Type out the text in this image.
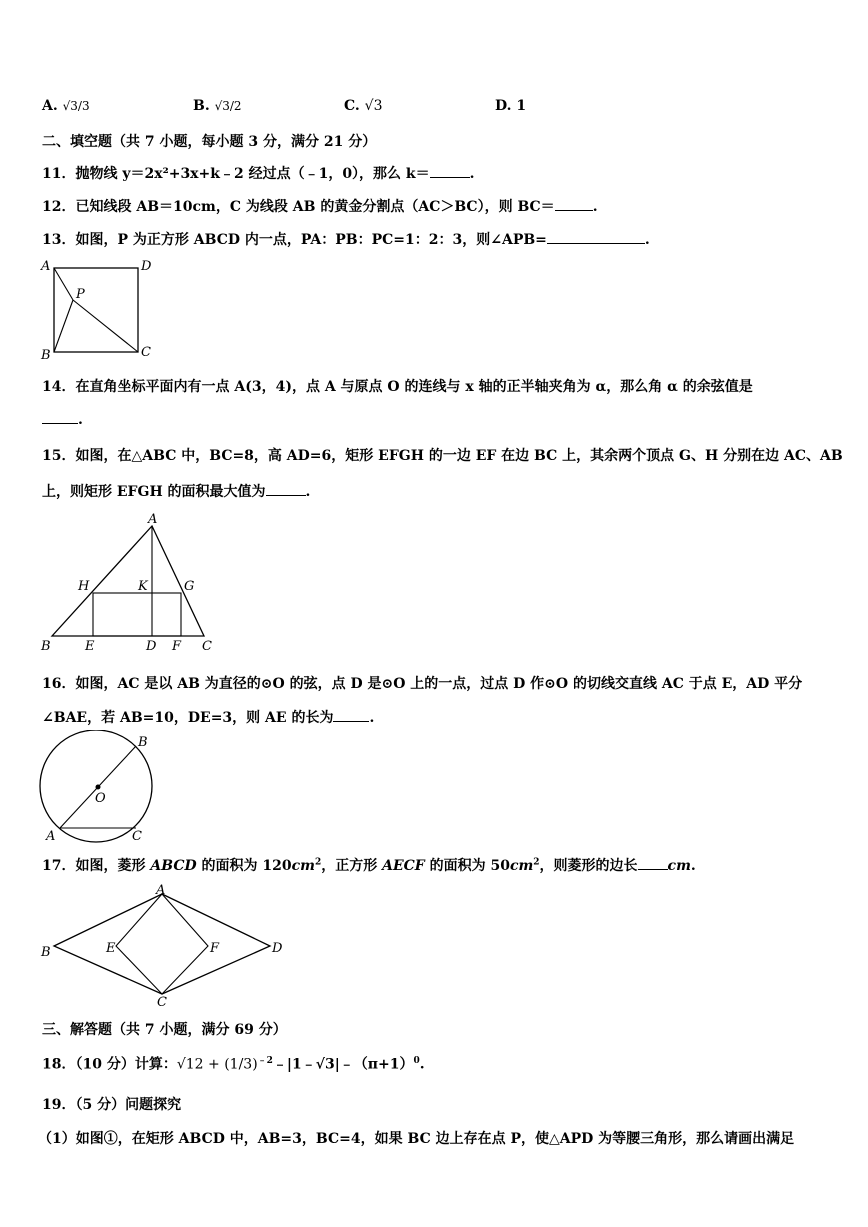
A. √3/3	B. √3/2	C. √3	D. 1
二、填空题（共 7 小题，每小题 3 分，满分 21 分）
11．抛物线 y＝2x²+3x+k﹣2 经过点（﹣1，0），那么 k＝	.
12．已知线段 AB＝10cm，C 为线段 AB 的黄金分割点（AC＞BC），则 BC＝	.
13．如图，P 为正方形 ABCD 内一点，PA：PB：PC=1：2：3，则∠APB=	.
A	D
P
B	C
14．在直角坐标平面内有一点 A(3，4)，点 A 与原点 O 的连线与 x 轴的正半轴夹角为 α，那么角 α 的余弦值是
.
15．如图，在△ABC 中，BC=8，高 AD=6，矩形 EFGH 的一边 EF 在边 BC 上，其余两个顶点 G、H 分别在边 AC、AB
上，则矩形 EFGH 的面积最大值为	.
A
H	K	G
B	E	D F C
16．如图，AC 是以 AB 为直径的⊙O 的弦，点 D 是⊙O 上的一点，过点 D 作⊙O 的切线交直线 AC 于点 E，AD 平分
∠BAE，若 AB=10，DE=3，则 AE 的长为	.
B
O
A	C
17．如图，菱形 ABCD 的面积为 $120cm^2$，正方形 AECF 的面积为 $50cm^2$，则菱形的边长 cm.
A
B	E	F	D
C
三、解答题（共 7 小题，满分 69 分）
18．（10 分）计算：$√12 + (1/3)^{﹣2}﹣|1﹣√3|﹣(\pi+1)^0$.
19．（5 分）问题探究
（1）如图①，在矩形 ABCD 中，AB=3，BC=4，如果 BC 边上存在点 P，使△APD 为等腰三角形，那么请画出满足
